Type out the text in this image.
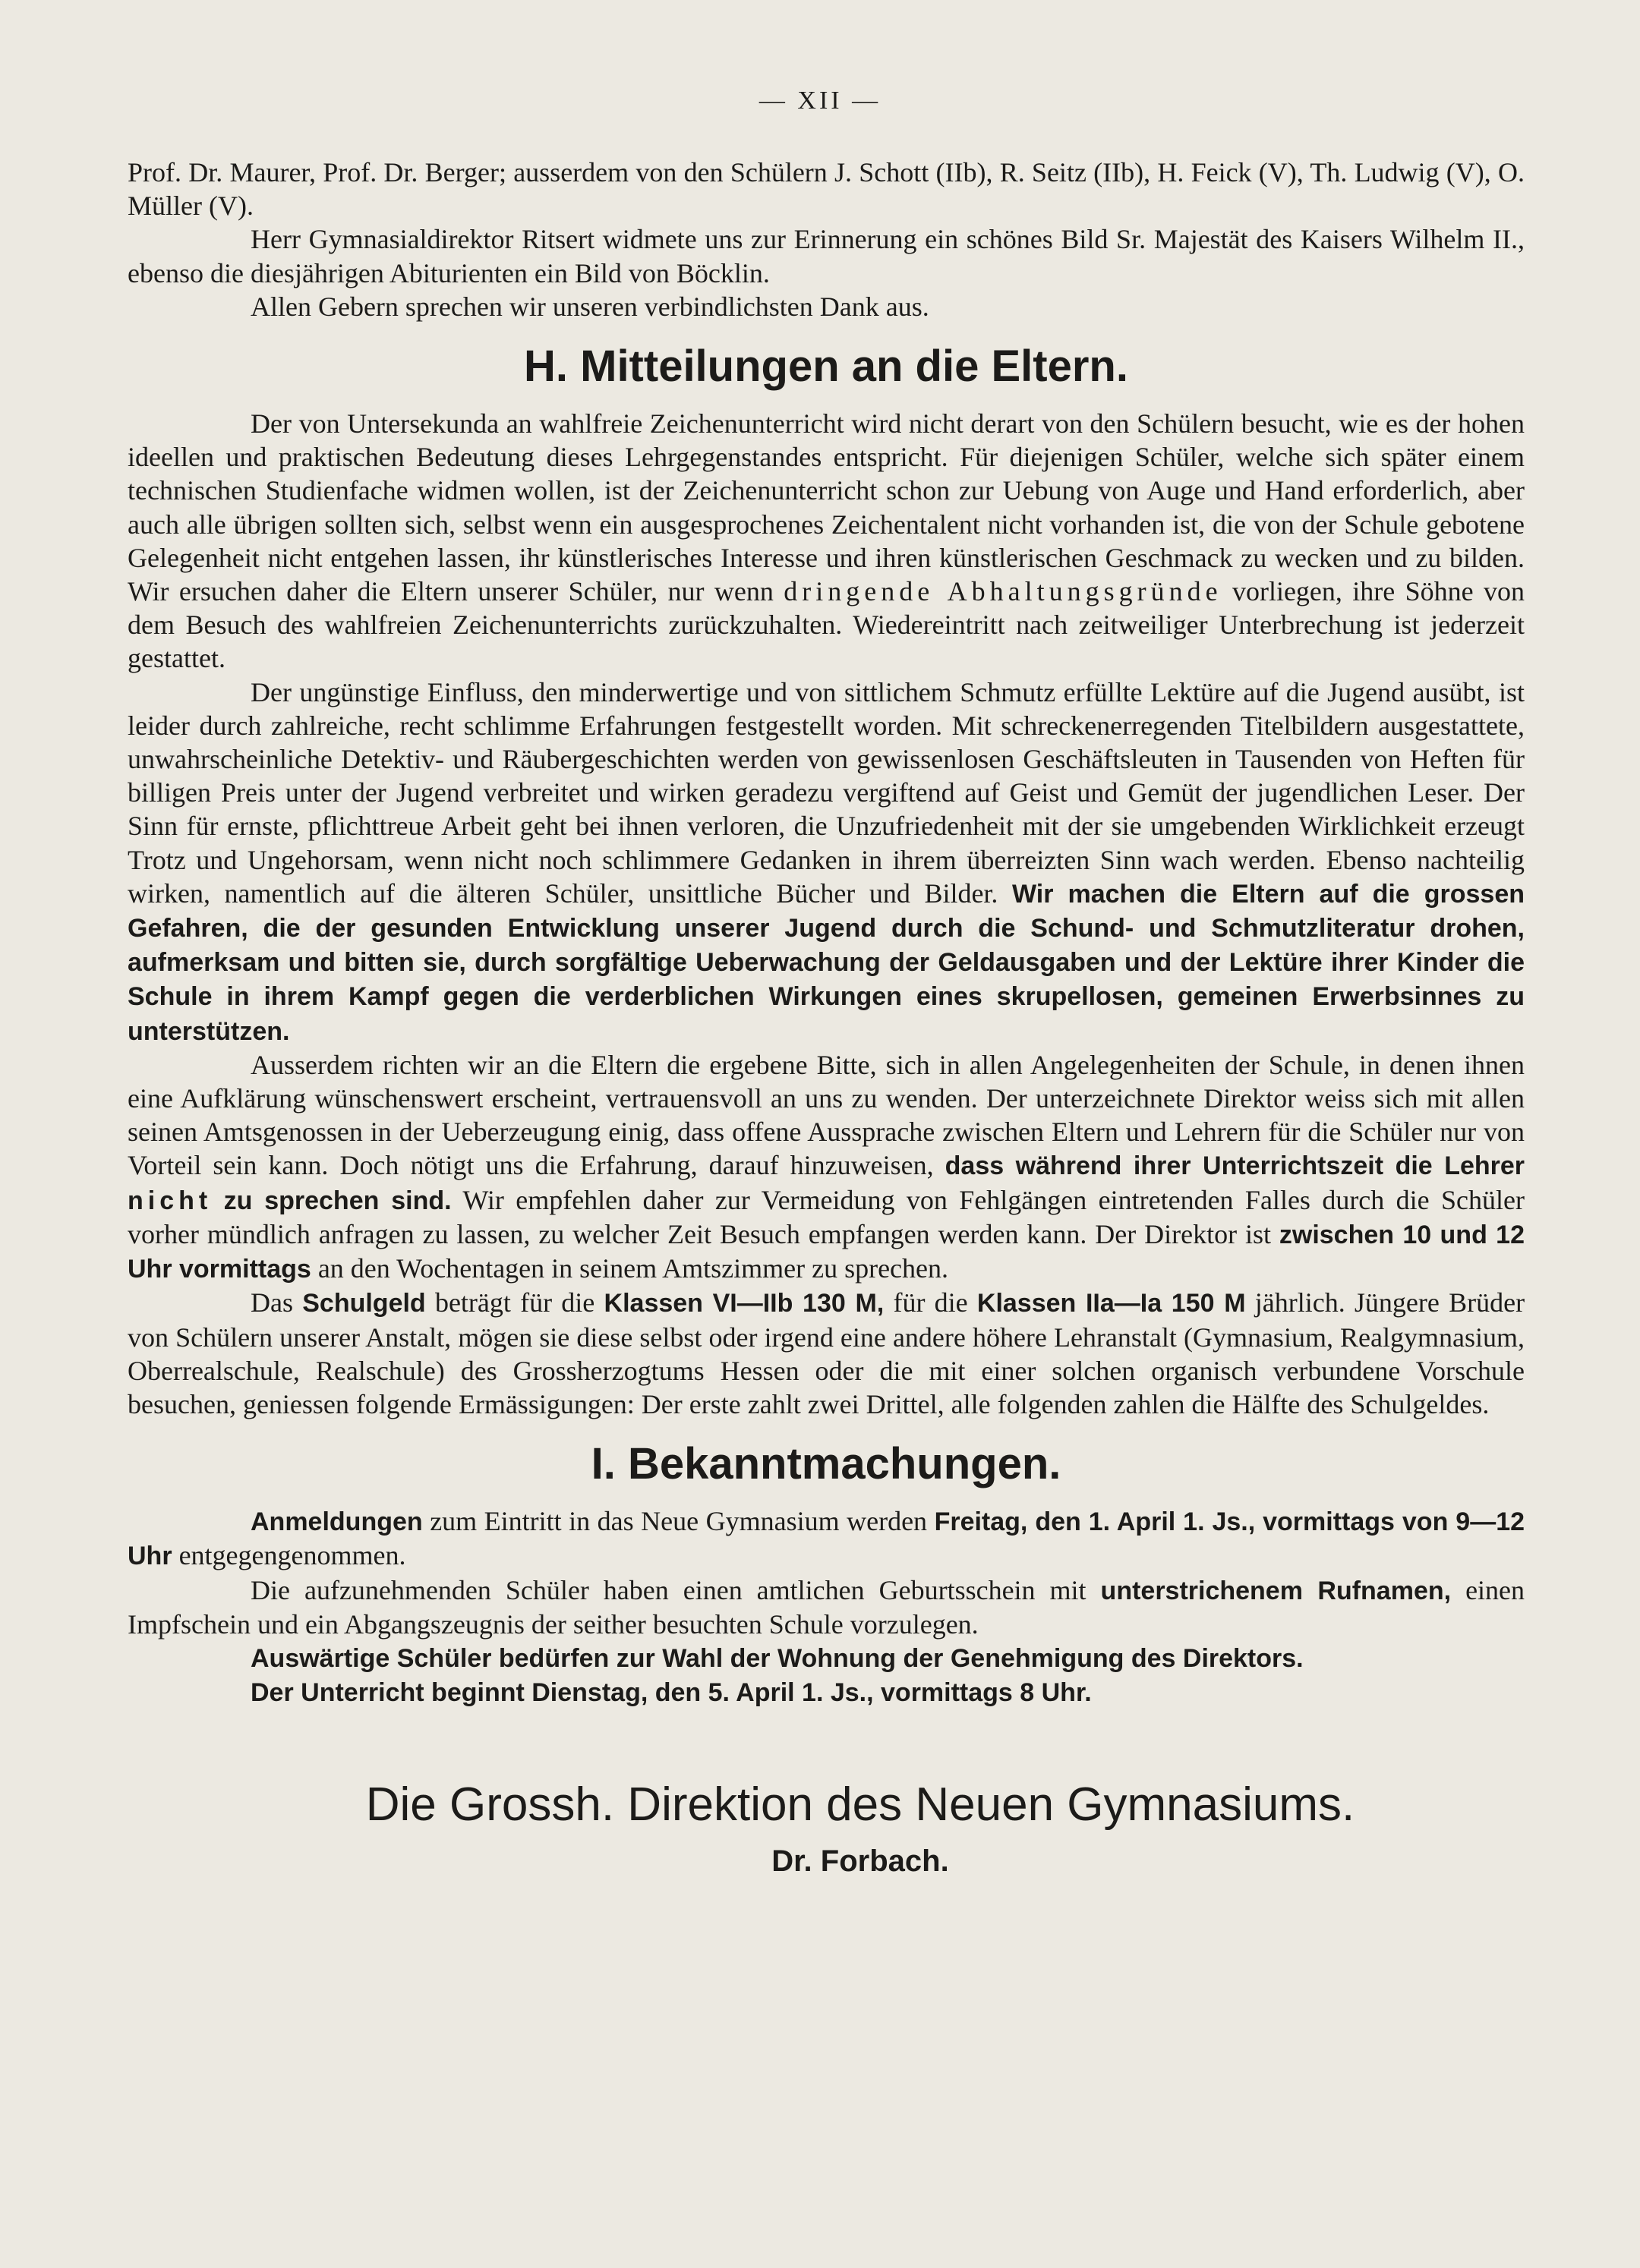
— XII —

Prof. Dr. Maurer, Prof. Dr. Berger; ausserdem von den Schülern J. Schott (IIb), R. Seitz (IIb), H. Feick (V), Th. Ludwig (V), O. Müller (V).

Herr Gymnasialdirektor Ritsert widmete uns zur Erinnerung ein schönes Bild Sr. Majestät des Kaisers Wilhelm II., ebenso die diesjährigen Abiturienten ein Bild von Böcklin.

Allen Gebern sprechen wir unseren verbindlichsten Dank aus.

H. Mitteilungen an die Eltern.

Der von Untersekunda an wahlfreie Zeichenunterricht wird nicht derart von den Schülern besucht, wie es der hohen ideellen und praktischen Bedeutung dieses Lehrgegenstandes entspricht. Für diejenigen Schüler, welche sich später einem technischen Studienfache widmen wollen, ist der Zeichenunterricht schon zur Uebung von Auge und Hand erforderlich, aber auch alle übrigen sollten sich, selbst wenn ein ausgesprochenes Zeichentalent nicht vorhanden ist, die von der Schule gebotene Gelegenheit nicht entgehen lassen, ihr künstlerisches Interesse und ihren künstlerischen Geschmack zu wecken und zu bilden. Wir ersuchen daher die Eltern unserer Schüler, nur wenn dringende Abhaltungsgründe vorliegen, ihre Söhne von dem Besuch des wahlfreien Zeichenunterrichts zurückzuhalten. Wiedereintritt nach zeitweiliger Unterbrechung ist jederzeit gestattet.

Der ungünstige Einfluss, den minderwertige und von sittlichem Schmutz erfüllte Lektüre auf die Jugend ausübt, ist leider durch zahlreiche, recht schlimme Erfahrungen festgestellt worden. Mit schreckenerregenden Titelbildern ausgestattete, unwahrscheinliche Detektiv- und Räubergeschichten werden von gewissenlosen Geschäftsleuten in Tausenden von Heften für billigen Preis unter der Jugend verbreitet und wirken geradezu vergiftend auf Geist und Gemüt der jugendlichen Leser. Der Sinn für ernste, pflichttreue Arbeit geht bei ihnen verloren, die Unzufriedenheit mit der sie umgebenden Wirklichkeit erzeugt Trotz und Ungehorsam, wenn nicht noch schlimmere Gedanken in ihrem überreizten Sinn wach werden. Ebenso nachteilig wirken, namentlich auf die älteren Schüler, unsittliche Bücher und Bilder. Wir machen die Eltern auf die grossen Gefahren, die der gesunden Entwicklung unserer Jugend durch die Schund- und Schmutzliteratur drohen, aufmerksam und bitten sie, durch sorgfältige Ueberwachung der Geldausgaben und der Lektüre ihrer Kinder die Schule in ihrem Kampf gegen die verderblichen Wirkungen eines skrupellosen, gemeinen Erwerbsinnes zu unterstützen.

Ausserdem richten wir an die Eltern die ergebene Bitte, sich in allen Angelegenheiten der Schule, in denen ihnen eine Aufklärung wünschenswert erscheint, vertrauensvoll an uns zu wenden. Der unterzeichnete Direktor weiss sich mit allen seinen Amtsgenossen in der Ueberzeugung einig, dass offene Aussprache zwischen Eltern und Lehrern für die Schüler nur von Vorteil sein kann. Doch nötigt uns die Erfahrung, darauf hinzuweisen, dass während ihrer Unterrichtszeit die Lehrer nicht zu sprechen sind. Wir empfehlen daher zur Vermeidung von Fehlgängen eintretenden Falles durch die Schüler vorher mündlich anfragen zu lassen, zu welcher Zeit Besuch empfangen werden kann. Der Direktor ist zwischen 10 und 12 Uhr vormittags an den Wochentagen in seinem Amtszimmer zu sprechen.

Das Schulgeld beträgt für die Klassen VI—IIb 130 M, für die Klassen IIa—Ia 150 M jährlich. Jüngere Brüder von Schülern unserer Anstalt, mögen sie diese selbst oder irgend eine andere höhere Lehranstalt (Gymnasium, Realgymnasium, Oberrealschule, Realschule) des Grossherzogtums Hessen oder die mit einer solchen organisch verbundene Vorschule besuchen, geniessen folgende Ermässigungen: Der erste zahlt zwei Drittel, alle folgenden zahlen die Hälfte des Schulgeldes.

I. Bekanntmachungen.

Anmeldungen zum Eintritt in das Neue Gymnasium werden Freitag, den 1. April 1. Js., vormittags von 9—12 Uhr entgegengenommen.

Die aufzunehmenden Schüler haben einen amtlichen Geburtsschein mit unterstrichenem Rufnamen, einen Impfschein und ein Abgangszeugnis der seither besuchten Schule vorzulegen.

Auswärtige Schüler bedürfen zur Wahl der Wohnung der Genehmigung des Direktors.

Der Unterricht beginnt Dienstag, den 5. April 1. Js., vormittags 8 Uhr.

Die Grossh. Direktion des Neuen Gymnasiums.
Dr. Forbach.
